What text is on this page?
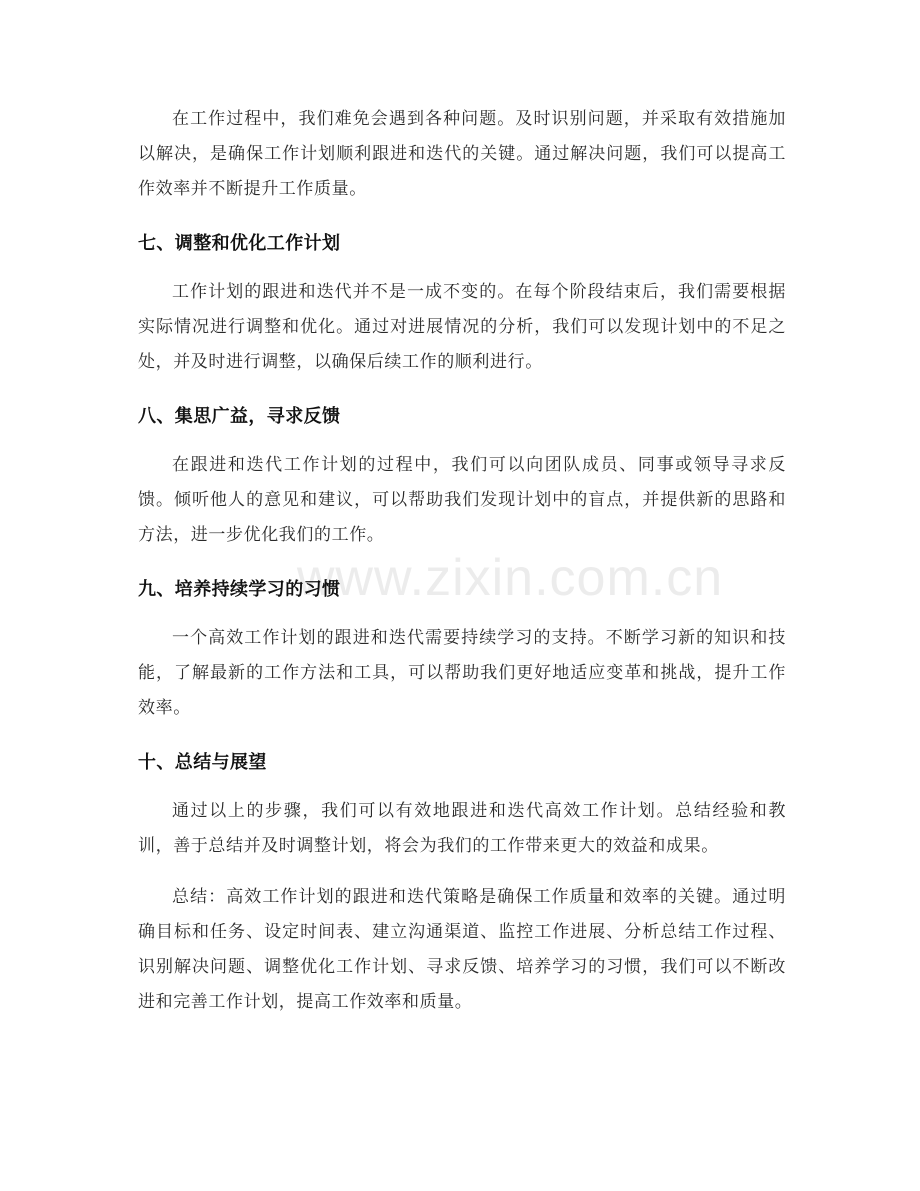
www.zixin.com.cn

在工作过程中，我们难免会遇到各种问题。及时识别问题，并采取有效措施加以解决，是确保工作计划顺利跟进和迭代的关键。通过解决问题，我们可以提高工作效率并不断提升工作质量。

七、调整和优化工作计划

工作计划的跟进和迭代并不是一成不变的。在每个阶段结束后，我们需要根据实际情况进行调整和优化。通过对进展情况的分析，我们可以发现计划中的不足之处，并及时进行调整，以确保后续工作的顺利进行。

八、集思广益，寻求反馈

在跟进和迭代工作计划的过程中，我们可以向团队成员、同事或领导寻求反馈。倾听他人的意见和建议，可以帮助我们发现计划中的盲点，并提供新的思路和方法，进一步优化我们的工作。

九、培养持续学习的习惯

一个高效工作计划的跟进和迭代需要持续学习的支持。不断学习新的知识和技能，了解最新的工作方法和工具，可以帮助我们更好地适应变革和挑战，提升工作效率。

十、总结与展望

通过以上的步骤，我们可以有效地跟进和迭代高效工作计划。总结经验和教训，善于总结并及时调整计划，将会为我们的工作带来更大的效益和成果。

总结：高效工作计划的跟进和迭代策略是确保工作质量和效率的关键。通过明确目标和任务、设定时间表、建立沟通渠道、监控工作进展、分析总结工作过程、识别解决问题、调整优化工作计划、寻求反馈、培养学习的习惯，我们可以不断改进和完善工作计划，提高工作效率和质量。
